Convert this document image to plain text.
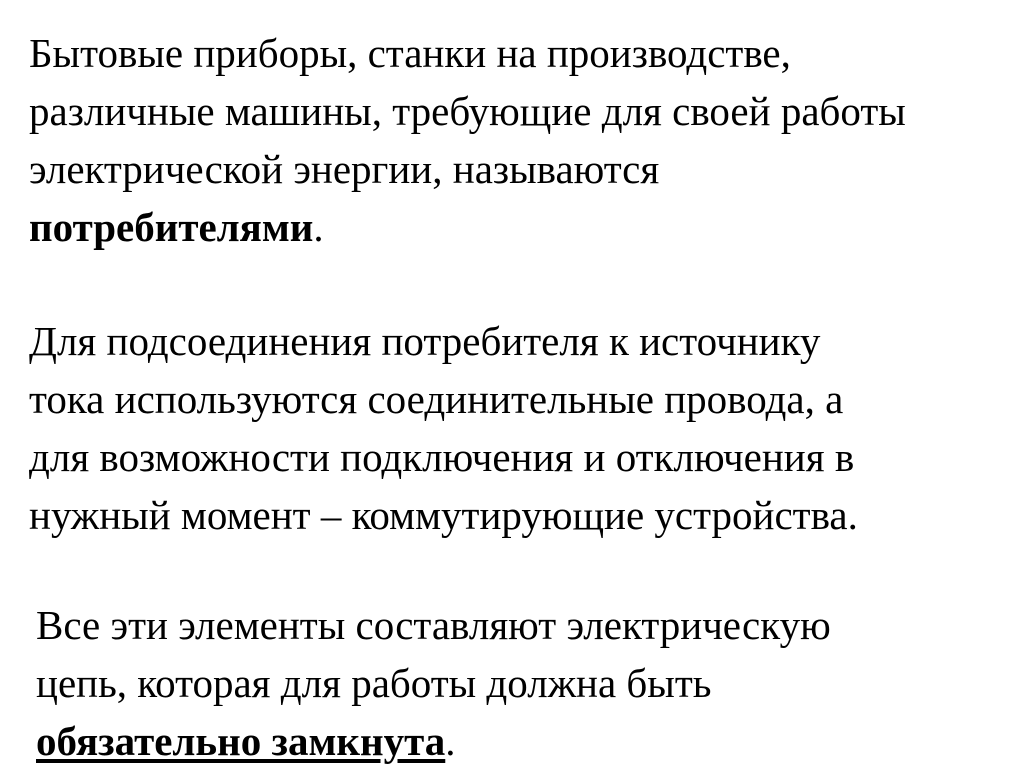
Бытовые приборы, станки на производстве,
различные машины, требующие для своей работы
электрической энергии, называются
потребителями.
Для подсоединения потребителя к источнику
тока используются соединительные провода, а
для возможности подключения и отключения в
нужный момент – коммутирующие устройства.
Все эти элементы составляют электрическую
цепь, которая для работы должна быть
обязательно замкнута.
